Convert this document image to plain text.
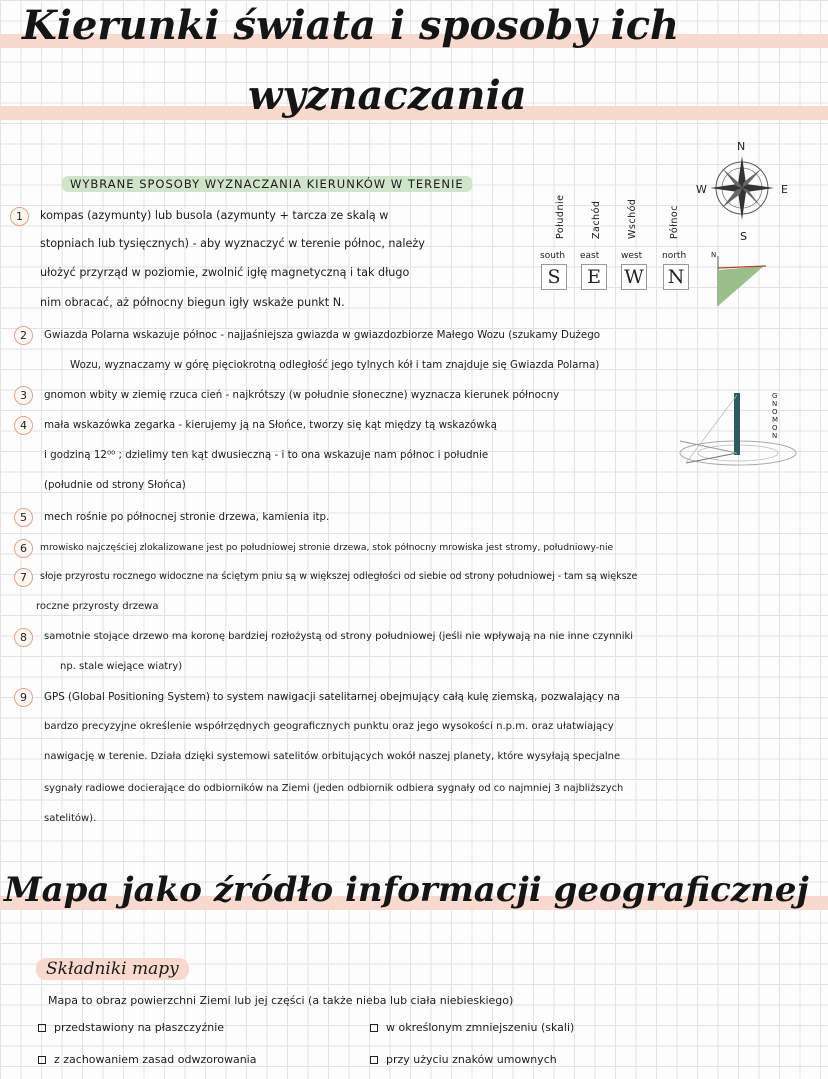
Kierunki świata i sposoby ich
wyznaczania
WYBRANE SPOSOBY WYZNACZANIA KIERUNKÓW W TERENIE
N
S
E
W
Południe	Zachód	Wschód	Północ
south east west north
S	E	W N
N
GNOMON
1	kompas (azymunty) lub busola (azymunty + tarcza ze skalą w
stopniach lub tysięcznych) - aby wyznaczyć w terenie północ, należy
ułożyć przyrząd w poziomie, zwolnić igłę magnetyczną i tak długo
nim obracać, aż północny biegun igły wskaże punkt N.
2	Gwiazda Polarna wskazuje północ - najjaśniejsza gwiazda w gwiazdozbiorze Małego Wozu (szukamy Dużego
Wozu, wyznaczamy w górę pięciokrotną odległość jego tylnych kół i tam znajduje się Gwiazda Polarna)
3	gnomon wbity w ziemię rzuca cień - najkrótszy (w południe słoneczne) wyznacza kierunek północny
4	mała wskazówka zegarka - kierujemy ją na Słońce, tworzy się kąt między tą wskazówką
i godziną 12⁰⁰ ; dzielimy ten kąt dwusieczną - i to ona wskazuje nam północ i południe
(południe od strony Słońca)
5	mech rośnie po północnej stronie drzewa, kamienia itp.
6	mrowisko najczęściej zlokalizowane jest po południowej stronie drzewa, stok północny mrowiska jest stromy, południowy-nie
7	słoje przyrostu rocznego widoczne na ściętym pniu są w większej odległości od siebie od strony południowej - tam są większe
roczne przyrosty drzewa
8	samotnie stojące drzewo ma koronę bardziej rozłożystą od strony południowej (jeśli nie wpływają na nie inne czynniki
np. stale wiejące wiatry)
9	GPS (Global Positioning System) to system nawigacji satelitarnej obejmujący całą kulę ziemską, pozwalający na
bardzo precyzyjne określenie współrzędnych geograficznych punktu oraz jego wysokości n.p.m. oraz ułatwiający
nawigację w terenie. Działa dzięki systemowi satelitów orbitujących wokół naszej planety, które wysyłają specjalne
sygnały radiowe docierające do odbiorników na Ziemi (jeden odbiornik odbiera sygnały od co najmniej 3 najbliższych
satelitów).
Mapa jako źródło informacji geograficznej
Składniki mapy
Mapa to obraz powierzchni Ziemi lub jej części (a także nieba lub ciała niebieskiego)
przedstawiony na płaszczyźnie	w określonym zmniejszeniu (skali)
z zachowaniem zasad odwzorowania	przy użyciu znaków umownych
